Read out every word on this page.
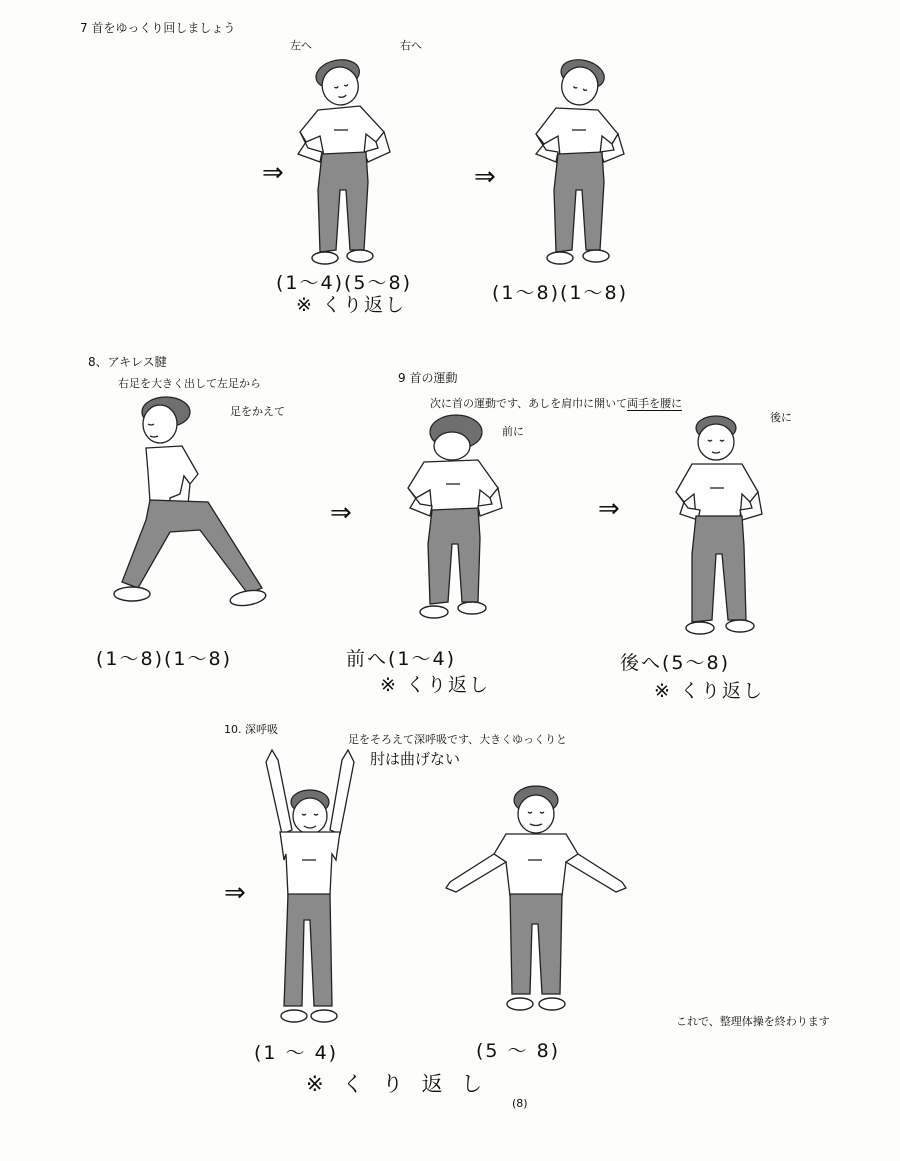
7 首をゆっくり回しましょう
左へ	右へ
⇒	⇒
(1〜4)(5〜8)
※ くり返し
(1〜8)(1〜8)
8、アキレス腱
右足を大きく出して左足から
足をかえて
⇒
(1〜8)(1〜8)
9 首の運動
次に首の運動です、あしを肩巾に開いて両手を腰に
前に
後に
⇒
前へ(1〜4)
※ くり返し
後へ(5〜8)
※ くり返し
10. 深呼吸
足をそろえて深呼吸です、大きくゆっくりと
肘は曲げない
⇒
これで、整理体操を終わります
(1 〜 4)	(5 〜 8)
※ く り 返 し
(8)
